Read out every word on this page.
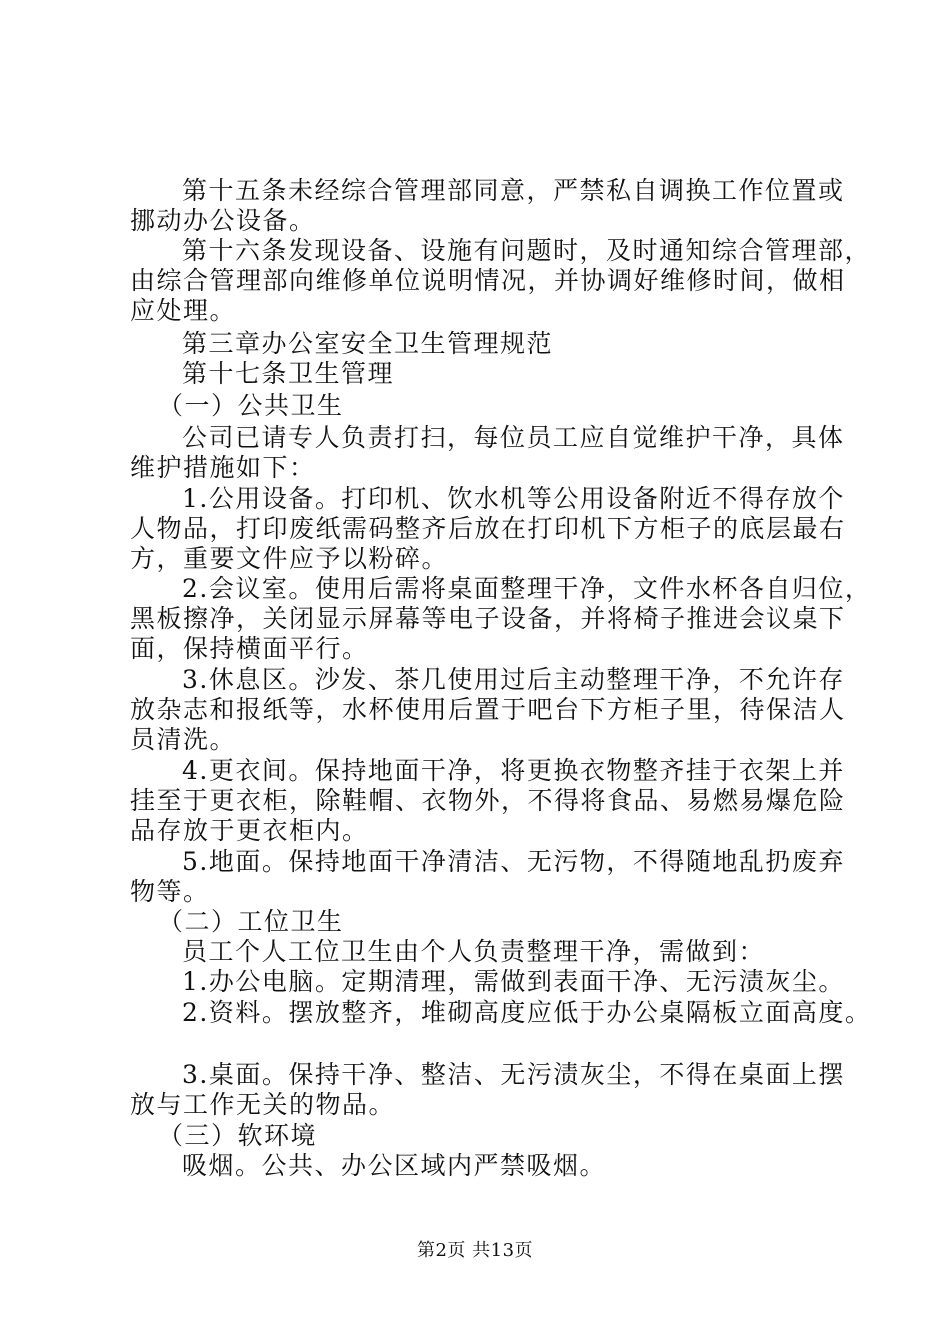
第十五条未经综合管理部同意，严禁私自调换工作位置或
挪动办公设备。
第十六条发现设备、设施有问题时，及时通知综合管理部，
由综合管理部向维修单位说明情况，并协调好维修时间，做相
应处理。
第三章办公室安全卫生管理规范
第十七条卫生管理
（一）公共卫生
公司已请专人负责打扫，每位员工应自觉维护干净，具体
维护措施如下：
1.公用设备。打印机、饮水机等公用设备附近不得存放个
人物品，打印废纸需码整齐后放在打印机下方柜子的底层最右
方，重要文件应予以粉碎。
2.会议室。使用后需将桌面整理干净，文件水杯各自归位，
黑板擦净，关闭显示屏幕等电子设备，并将椅子推进会议桌下
面，保持横面平行。
3.休息区。沙发、茶几使用过后主动整理干净，不允许存
放杂志和报纸等，水杯使用后置于吧台下方柜子里，待保洁人
员清洗。
4.更衣间。保持地面干净，将更换衣物整齐挂于衣架上并
挂至于更衣柜，除鞋帽、衣物外，不得将食品、易燃易爆危险
品存放于更衣柜内。
5.地面。保持地面干净清洁、无污物，不得随地乱扔废弃
物等。
（二）工位卫生
员工个人工位卫生由个人负责整理干净，需做到：
1.办公电脑。定期清理，需做到表面干净、无污渍灰尘。
2.资料。摆放整齐，堆砌高度应低于办公桌隔板立面高度。
3.桌面。保持干净、整洁、无污渍灰尘，不得在桌面上摆
放与工作无关的物品。
（三）软环境
吸烟。公共、办公区域内严禁吸烟。
第2页 共13页
